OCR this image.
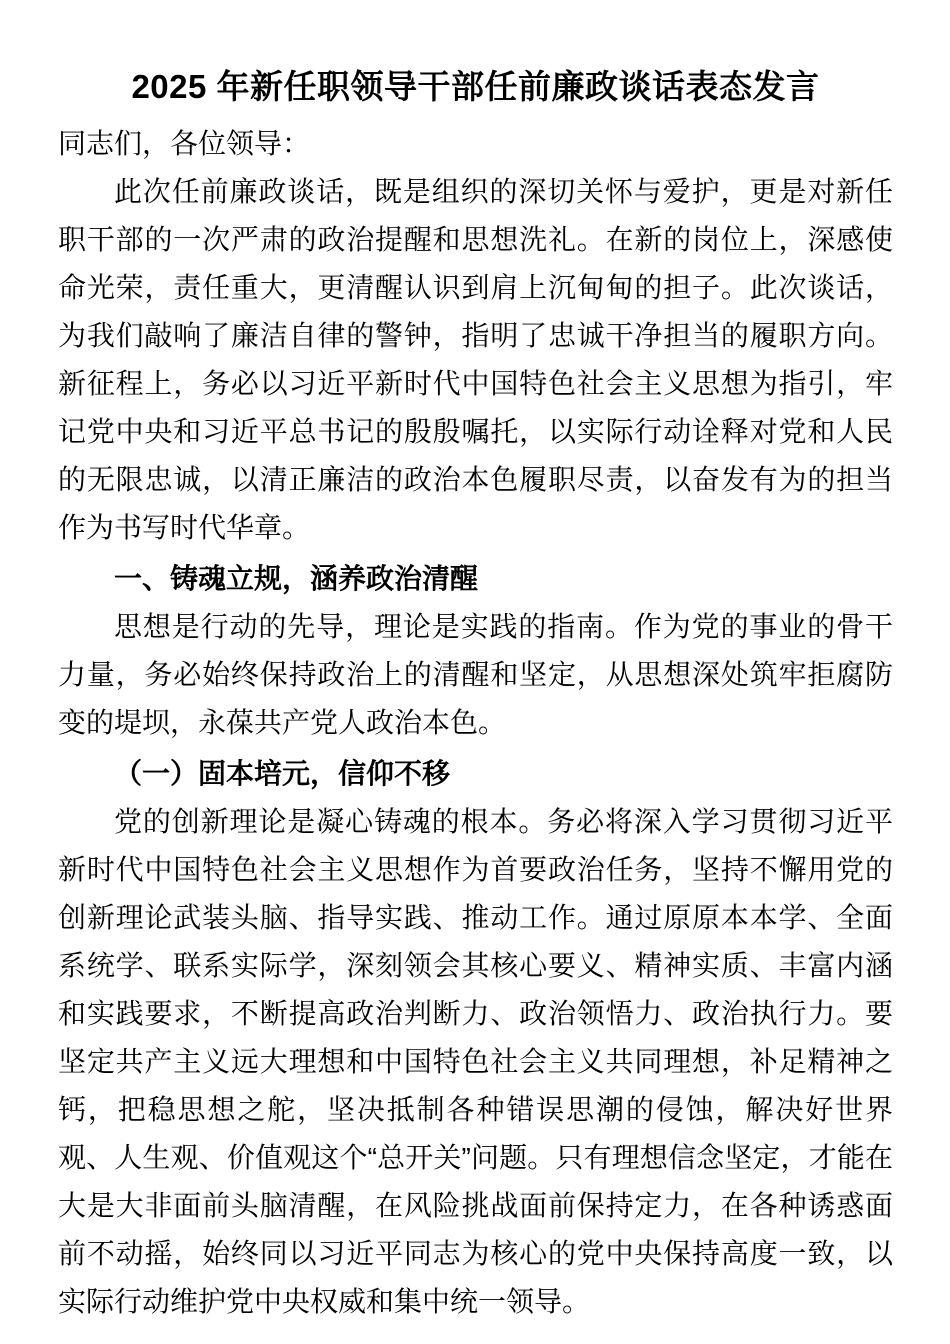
2025 年新任职领导干部任前廉政谈话表态发言

同志们，各位领导：

此次任前廉政谈话，既是组织的深切关怀与爱护，更是对新任职干部的一次严肃的政治提醒和思想洗礼。在新的岗位上，深感使命光荣，责任重大，更清醒认识到肩上沉甸甸的担子。此次谈话，为我们敲响了廉洁自律的警钟，指明了忠诚干净担当的履职方向。新征程上，务必以习近平新时代中国特色社会主义思想为指引，牢记党中央和习近平总书记的殷殷嘱托，以实际行动诠释对党和人民的无限忠诚，以清正廉洁的政治本色履职尽责，以奋发有为的担当作为书写时代华章。

一、铸魂立规，涵养政治清醒

思想是行动的先导，理论是实践的指南。作为党的事业的骨干力量，务必始终保持政治上的清醒和坚定，从思想深处筑牢拒腐防变的堤坝，永葆共产党人政治本色。

（一）固本培元，信仰不移

党的创新理论是凝心铸魂的根本。务必将深入学习贯彻习近平新时代中国特色社会主义思想作为首要政治任务，坚持不懈用党的创新理论武装头脑、指导实践、推动工作。通过原原本本学、全面系统学、联系实际学，深刻领会其核心要义、精神实质、丰富内涵和实践要求，不断提高政治判断力、政治领悟力、政治执行力。要坚定共产主义远大理想和中国特色社会主义共同理想，补足精神之钙，把稳思想之舵，坚决抵制各种错误思潮的侵蚀，解决好世界观、人生观、价值观这个“总开关”问题。只有理想信念坚定，才能在大是大非面前头脑清醒，在风险挑战面前保持定力，在各种诱惑面前不动摇，始终同以习近平同志为核心的党中央保持高度一致，以实际行动维护党中央权威和集中统一领导。
